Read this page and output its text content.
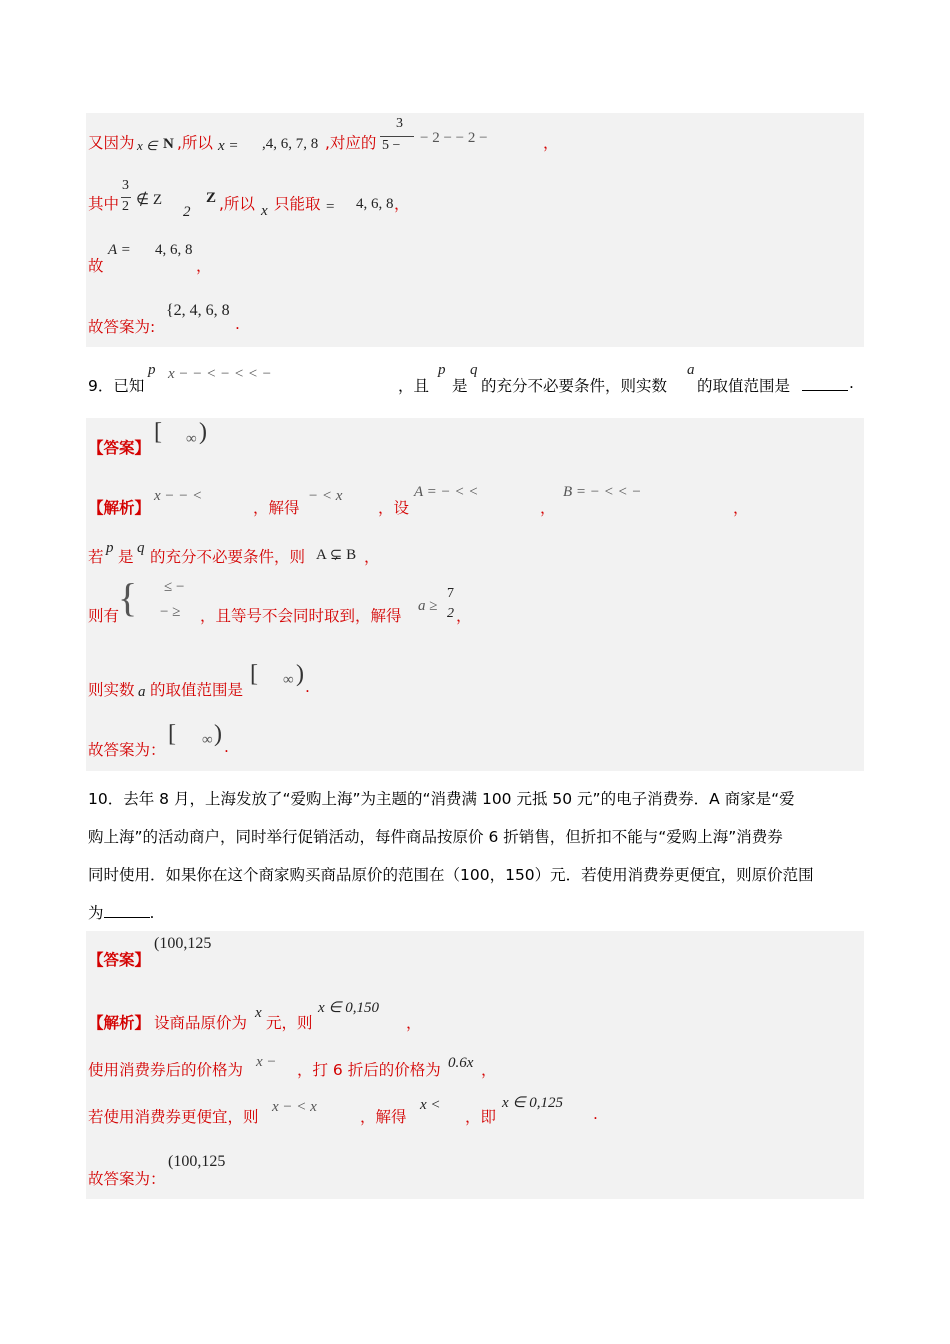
又因为 x ∈ N ,所以 x = ,4, 6, 7, 8 ,对应的
3
5 − − 2 − − 2 −	，
其中
3
2 ∉ Z
2
Z ,所以 x 只能取 = 4, 6, 8 ，
故
A = 4, 6, 8
，
故答案为:
{2, 4, 6, 8
.
9．已知
p x − − < − < < −
，且
p
是
q
的充分不必要条件，则实数
a
的取值范围是	.
【答案】
[ ∞ )
【解析】
x − − <
，解得
− < x
，设
A = − < <
，
B = − < < −
，
若 p 是 q 的充分不必要条件，则 A ⊊ B ，
则有
{ ≤ −
− ≥ ，且等号不会同时取到，解得
a ≥
7
2 ，
则实数 a 的取值范围是
[ ∞ ) .
故答案为：
[ ∞ ) .
10．去年 8 月，上海发放了“爱购上海”为主题的“消费满 100 元抵 50 元”的电子消费券．A 商家是“爱
购上海”的活动商户，同时举行促销活动，每件商品按原价 6 折销售，但折扣不能与“爱购上海”消费券
同时使用．如果你在这个商家购买商品原价的范围在（100，150）元．若使用消费券更便宜，则原价范围
为	.
【答案】
(100,125
【解析】 设商品原价为
x
元，则
x ∈ 0,150
，
使用消费券后的价格为 x − ，打 6 折后的价格为 0.6x ，
若使用消费券更便宜，则
x − < x
，解得
x <
，即
x ∈ 0,125
.
故答案为：
(100,125
